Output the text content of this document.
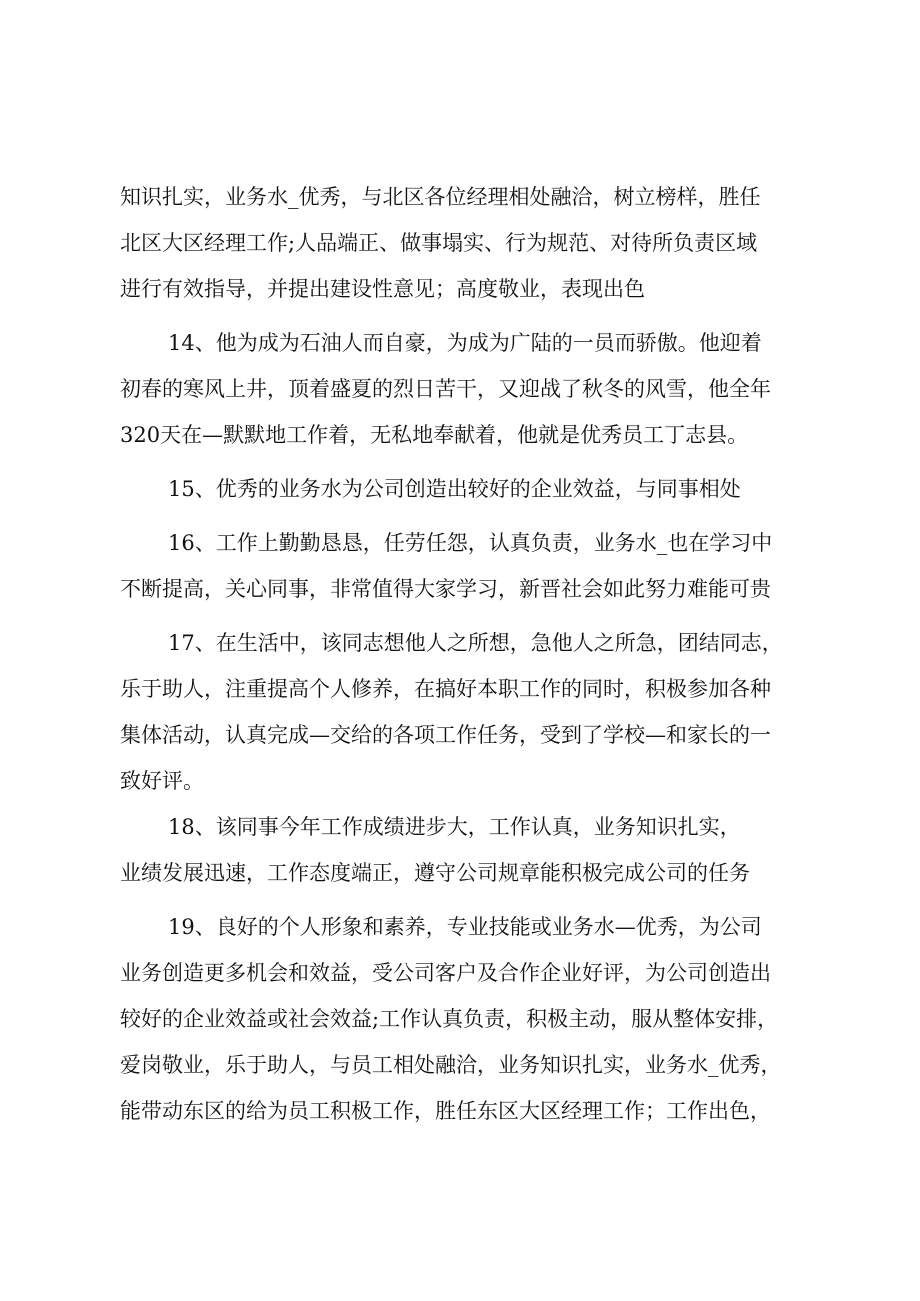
知识扎实，业务水_优秀，与北区各位经理相处融洽，树立榜样，胜任
北区大区经理工作;人品端正、做事塌实、行为规范、对待所负责区域
进行有效指导，并提出建设性意见；高度敬业，表现出色
14、他为成为石油人而自豪，为成为广陆的一员而骄傲。他迎着
初春的寒风上井，顶着盛夏的烈日苦干，又迎战了秋冬的风雪，他全年
320天在—默默地工作着，无私地奉献着，他就是优秀员工丁志县。
15、优秀的业务水为公司创造出较好的企业效益，与同事相处
16、工作上勤勤恳恳，任劳任怨，认真负责，业务水_也在学习中
不断提高，关心同事，非常值得大家学习，新晋社会如此努力难能可贵
17、在生活中，该同志想他人之所想，急他人之所急，团结同志，
乐于助人，注重提高个人修养，在搞好本职工作的同时，积极参加各种
集体活动，认真完成—交给的各项工作任务，受到了学校—和家长的一
致好评。
18、该同事今年工作成绩进步大，工作认真，业务知识扎实，
业绩发展迅速，工作态度端正，遵守公司规章能积极完成公司的任务
19、良好的个人形象和素养，专业技能或业务水—优秀，为公司
业务创造更多机会和效益，受公司客户及合作企业好评，为公司创造出
较好的企业效益或社会效益;工作认真负责，积极主动，服从整体安排，
爱岗敬业，乐于助人，与员工相处融洽，业务知识扎实，业务水_优秀，
能带动东区的给为员工积极工作，胜任东区大区经理工作；工作出色，
